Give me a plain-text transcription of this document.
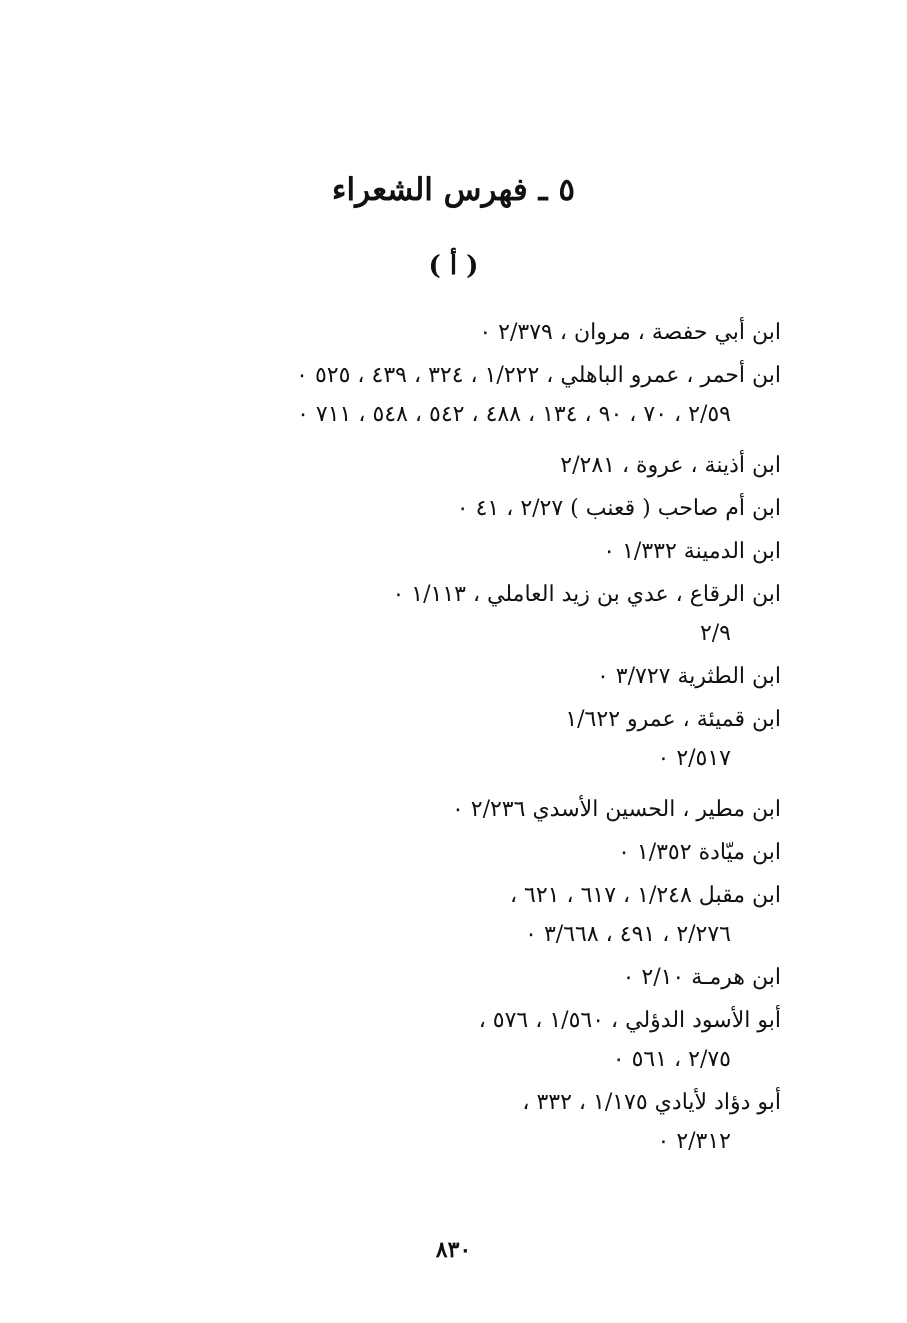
٥ ـ فهرس الشعراء
( أ )
ابن أبي حفصة ، مروان ، ٢/٣٧٩ ٠
ابن أحمر ، عمرو الباهلي ، ١/٢٢٢ ، ٣٢٤ ، ٤٣٩ ، ٥٢٥ ٠
٢/٥٩ ، ٧٠ ، ٩٠ ، ١٣٤ ، ٤٨٨ ، ٥٤٢ ، ٥٤٨ ، ٧١١ ٠
ابن أذينة ، عروة ، ٢/٢٨١
ابن أم صاحب ( قعنب ) ٢/٢٧ ، ٤١ ٠
ابن الدمينة ١/٣٣٢ ٠
ابن الرقاع ، عدي بن زيد العاملي ، ١/١١٣ ٠
٢/٩
ابن الطثرية ٣/٧٢٧ ٠
ابن قميئة ، عمرو ١/٦٢٢
٢/٥١٧ ٠
ابن مطير ، الحسين الأسدي ٢/٢٣٦ ٠
ابن ميّادة ١/٣٥٢ ٠
ابن مقبل ١/٢٤٨ ، ٦١٧ ، ٦٢١ ،
٢/٢٧٦ ، ٤٩١ ، ٣/٦٦٨ ٠
ابن هرمـة ٢/١٠ ٠
أبو الأسود الدؤلي ، ١/٥٦٠ ، ٥٧٦ ،
٢/٧٥ ، ٥٦١ ٠
أبو دؤاد لأيادي ١/١٧٥ ، ٣٣٢ ،
٢/٣١٢ ٠
٨٣٠
